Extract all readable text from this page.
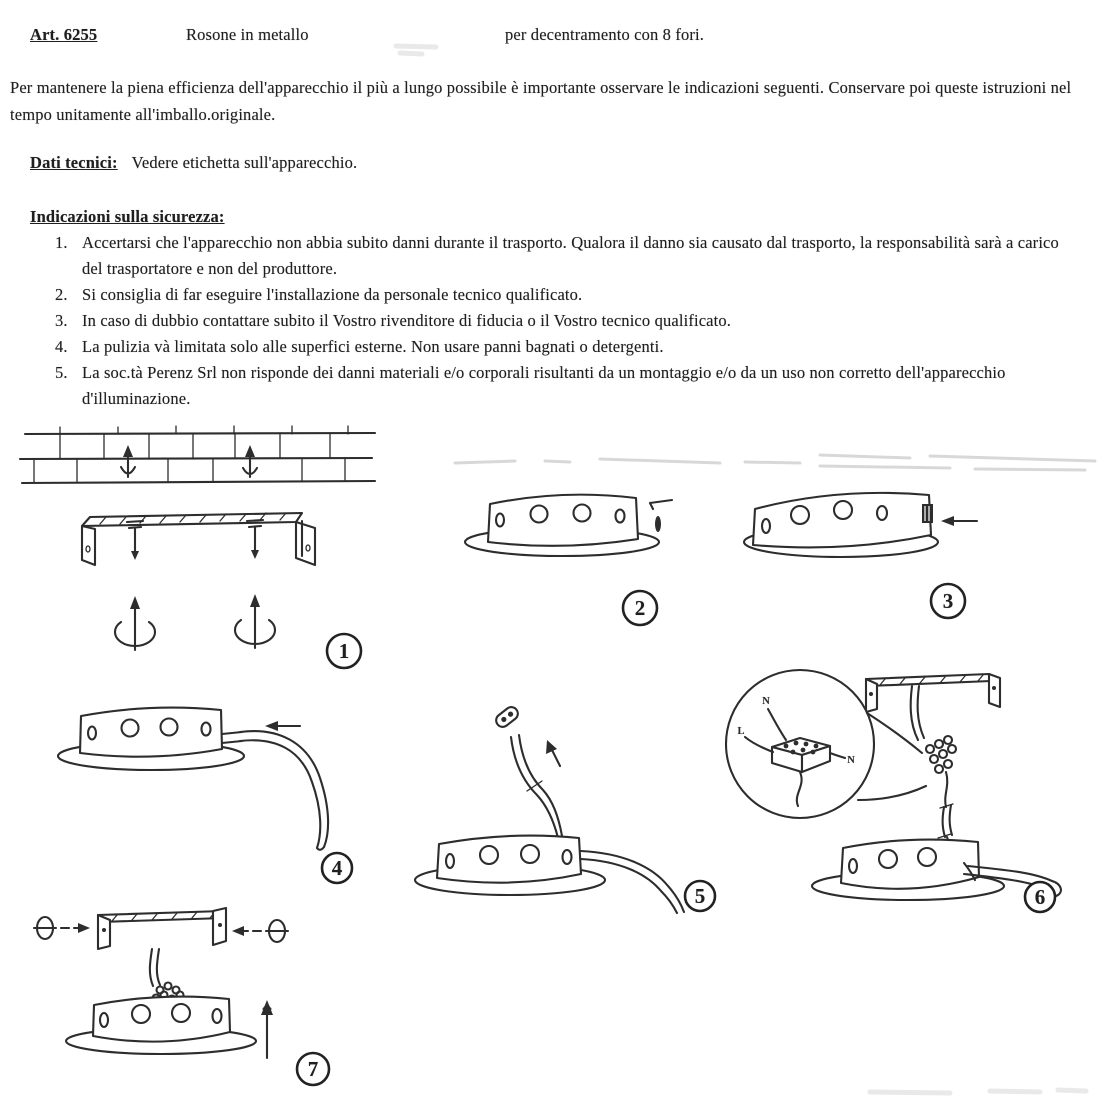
Art. 6255	Rosone in metallo	per decentramento con 8 fori.

Per mantenere la piena efficienza dell'apparecchio il più a lungo possibile è importante osservare le indicazioni seguenti. Conservare poi queste istruzioni nel tempo unitamente all'imballo.originale.

Dati tecnici: Vedere etichetta sull'apparecchio.
Indicazioni sulla sicurezza:
1. Accertarsi che l'apparecchio non abbia subito danni durante il trasporto. Qualora il danno sia causato dal trasporto, la responsabilità sarà a carico del trasportatore e non del produttore.
2. Si consiglia di far eseguire l'installazione da personale tecnico qualificato.
3. In caso di dubbio contattare subito il Vostro rivenditore di fiducia o il Vostro tecnico qualificato.
4. La pulizia và limitata solo alle superfici esterne. Non usare panni bagnati o detergenti.
5. La soc.tà Perenz Srl non risponde dei danni materiali e/o corporali risultanti da un montaggio e/o da un uso non corretto dell'apparecchio d'illuminazione.
1
2	3
4
5
N
L
N
6
7
